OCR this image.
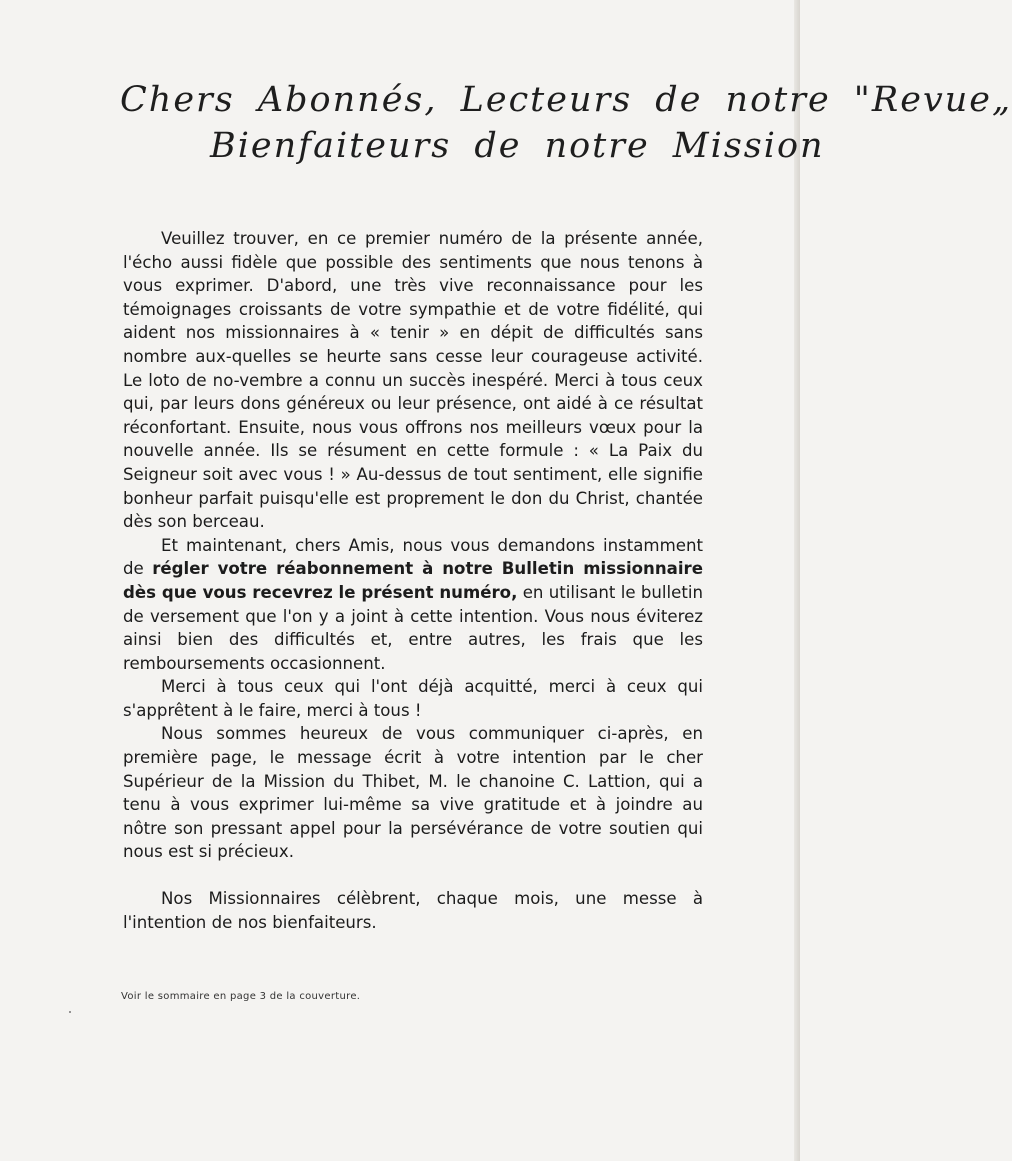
Chers Abonnés, Lecteurs de notre "Revue„
Bienfaiteurs de notre Mission

Veuillez trouver, en ce premier numéro de la présente année, l'écho aussi fidèle que possible des sentiments que nous tenons à vous exprimer. D'abord, une très vive reconnaissance pour les témoignages croissants de votre sympathie et de votre fidélité, qui aident nos missionnaires à « tenir » en dépit de difficultés sans nombre aux-quelles se heurte sans cesse leur courageuse activité. Le loto de no-vembre a connu un succès inespéré. Merci à tous ceux qui, par leurs dons généreux ou leur présence, ont aidé à ce résultat réconfortant. Ensuite, nous vous offrons nos meilleurs vœux pour la nouvelle année. Ils se résument en cette formule : « La Paix du Seigneur soit avec vous ! » Au-dessus de tout sentiment, elle signifie bonheur parfait puisqu'elle est proprement le don du Christ, chantée dès son berceau.

Et maintenant, chers Amis, nous vous demandons instamment de régler votre réabonnement à notre Bulletin missionnaire dès que vous recevrez le présent numéro, en utilisant le bulletin de versement que l'on y a joint à cette intention. Vous nous éviterez ainsi bien des difficultés et, entre autres, les frais que les remboursements occasionnent.

Merci à tous ceux qui l'ont déjà acquitté, merci à ceux qui s'apprêtent à le faire, merci à tous !

Nous sommes heureux de vous communiquer ci-après, en première page, le message écrit à votre intention par le cher Supérieur de la Mission du Thibet, M. le chanoine C. Lattion, qui a tenu à vous exprimer lui-même sa vive gratitude et à joindre au nôtre son pressant appel pour la persévérance de votre soutien qui nous est si précieux.

Nos Missionnaires célèbrent, chaque mois, une messe à l'intention de nos bienfaiteurs.

Voir le sommaire en page 3 de la couverture.
